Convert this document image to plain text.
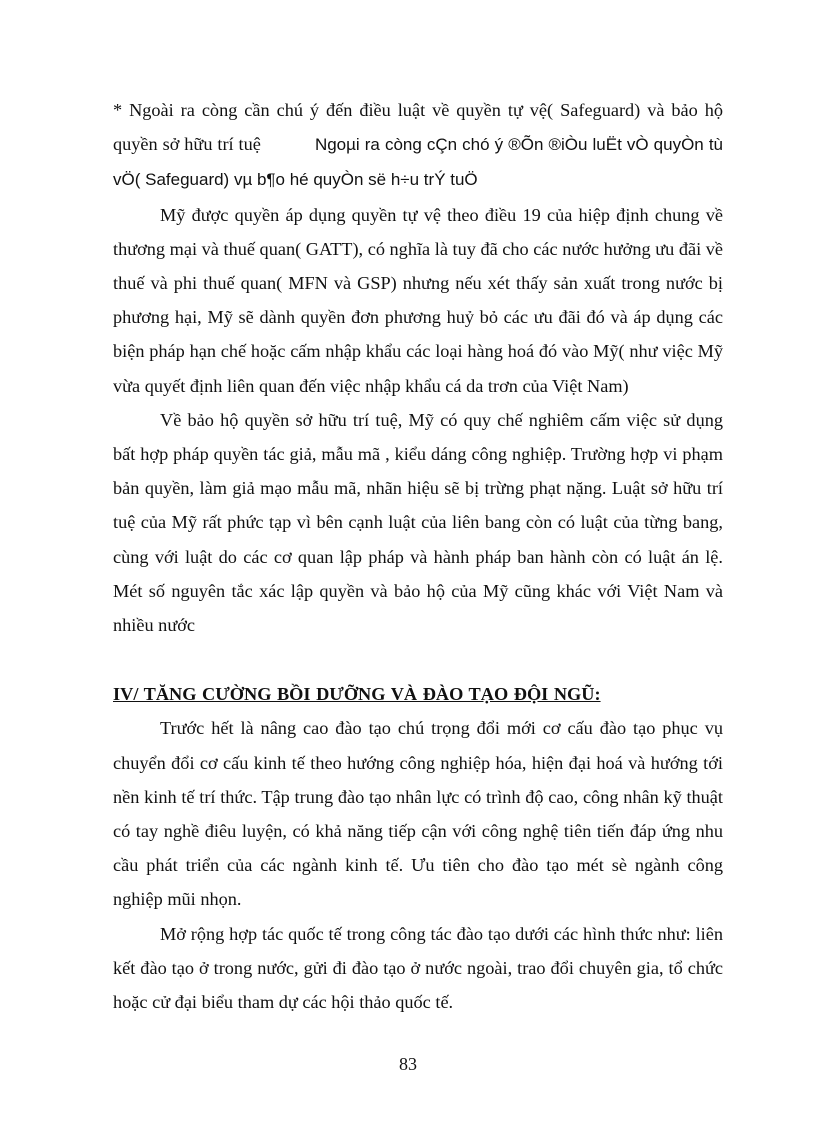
* Ngoài ra còng cần chú ý đến điều luật về quyền tự vệ( Safeguard) và bảo hộ quyền sở hữu trí tuệ	Ngoµi ra còng cÇn chó ý ®Õn ®iÒu luËt vÒ quyÒn tù vÖ( Safeguard) vµ b¶o hé quyÒn së h÷u trÝ tuÖ

Mỹ được quyền áp dụng quyền tự vệ theo điều 19 của hiệp định chung về thương mại và thuế quan( GATT), có nghĩa là tuy đã cho các nước hưởng ưu đãi về thuế và phi thuế quan( MFN và GSP) nhưng nếu xét thấy sản xuất trong nước bị phương hại, Mỹ sẽ dành quyền đơn phương huỷ bỏ các ưu đãi đó và áp dụng các biện pháp hạn chế hoặc cấm nhập khẩu các loại hàng hoá đó vào Mỹ( như việc Mỹ vừa quyết định liên quan đến việc nhập khẩu cá da trơn của Việt Nam)

Về bảo hộ quyền sở hữu trí tuệ, Mỹ có quy chế nghiêm cấm việc sử dụng bất hợp pháp quyền tác giả, mẫu mã , kiểu dáng công nghiệp. Trường hợp vi phạm bản quyền, làm giả mạo mẫu mã, nhãn hiệu sẽ bị trừng phạt nặng. Luật sở hữu trí tuệ của Mỹ rất phức tạp vì bên cạnh luật của liên bang còn có luật của từng bang, cùng với luật do các cơ quan lập pháp và hành pháp ban hành còn có luật án lệ. Mét số nguyên tắc xác lập quyền và bảo hộ của Mỹ cũng khác với Việt Nam và nhiều nước

IV/ TĂNG CƯỜNG BỒI DƯỠNG VÀ ĐÀO TẠO ĐỘI NGŨ:

Trước hết là nâng cao đào tạo chú trọng đổi mới cơ cấu đào tạo phục vụ chuyển đổi cơ cấu kinh tế theo hướng công nghiệp hóa, hiện đại hoá và hướng tới nền kinh tế trí thức. Tập trung đào tạo nhân lực có trình độ cao, công nhân kỹ thuật có tay nghề điêu luyện, có khả năng tiếp cận với công nghệ tiên tiến đáp ứng nhu cầu phát triển của các ngành kinh tế. Ưu tiên cho đào tạo mét sè ngành công nghiệp mũi nhọn.

Mở rộng hợp tác quốc tế trong công tác đào tạo dưới các hình thức như: liên kết đào tạo ở trong nước, gửi đi đào tạo ở nước ngoài, trao đổi chuyên gia, tổ chức hoặc cử đại biểu tham dự các hội thảo quốc tế.

83
